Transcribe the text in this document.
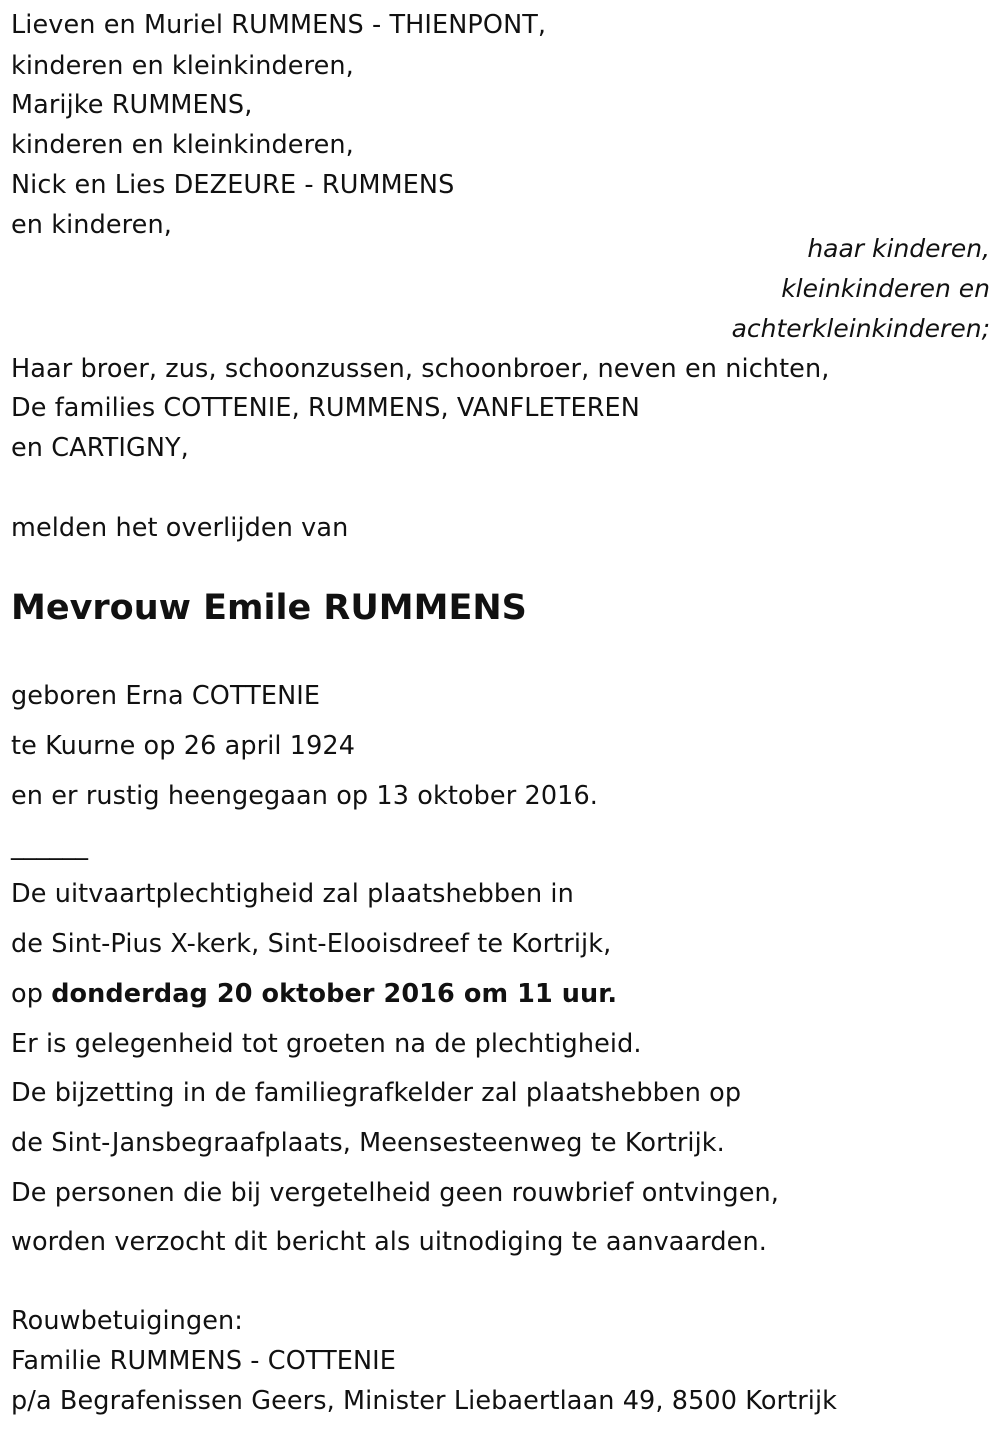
Lieven en Muriel RUMMENS - THIENPONT,
kinderen en kleinkinderen,
Marijke RUMMENS,
kinderen en kleinkinderen,
Nick en Lies DEZEURE - RUMMENS
en kinderen,
haar kinderen,
kleinkinderen en
achterkleinkinderen;
Haar broer, zus, schoonzussen, schoonbroer, neven en nichten,
De families COTTENIE, RUMMENS, VANFLETEREN
en CARTIGNY,
melden het overlijden van
Mevrouw Emile RUMMENS
geboren Erna COTTENIE
te Kuurne op 26 april 1924
en er rustig heengegaan op 13 oktober 2016.
______
De uitvaartplechtigheid zal plaatshebben in
de Sint-Pius X-kerk, Sint-Elooisdreef te Kortrijk,
op donderdag 20 oktober 2016 om 11 uur.
Er is gelegenheid tot groeten na de plechtigheid.
De bijzetting in de familiegrafkelder zal plaatshebben op
de Sint-Jansbegraafplaats, Meensesteenweg te Kortrijk.
De personen die bij vergetelheid geen rouwbrief ontvingen,
worden verzocht dit bericht als uitnodiging te aanvaarden.
Rouwbetuigingen:
Familie RUMMENS - COTTENIE
p/a Begrafenissen Geers, Minister Liebaertlaan 49, 8500 Kortrijk
